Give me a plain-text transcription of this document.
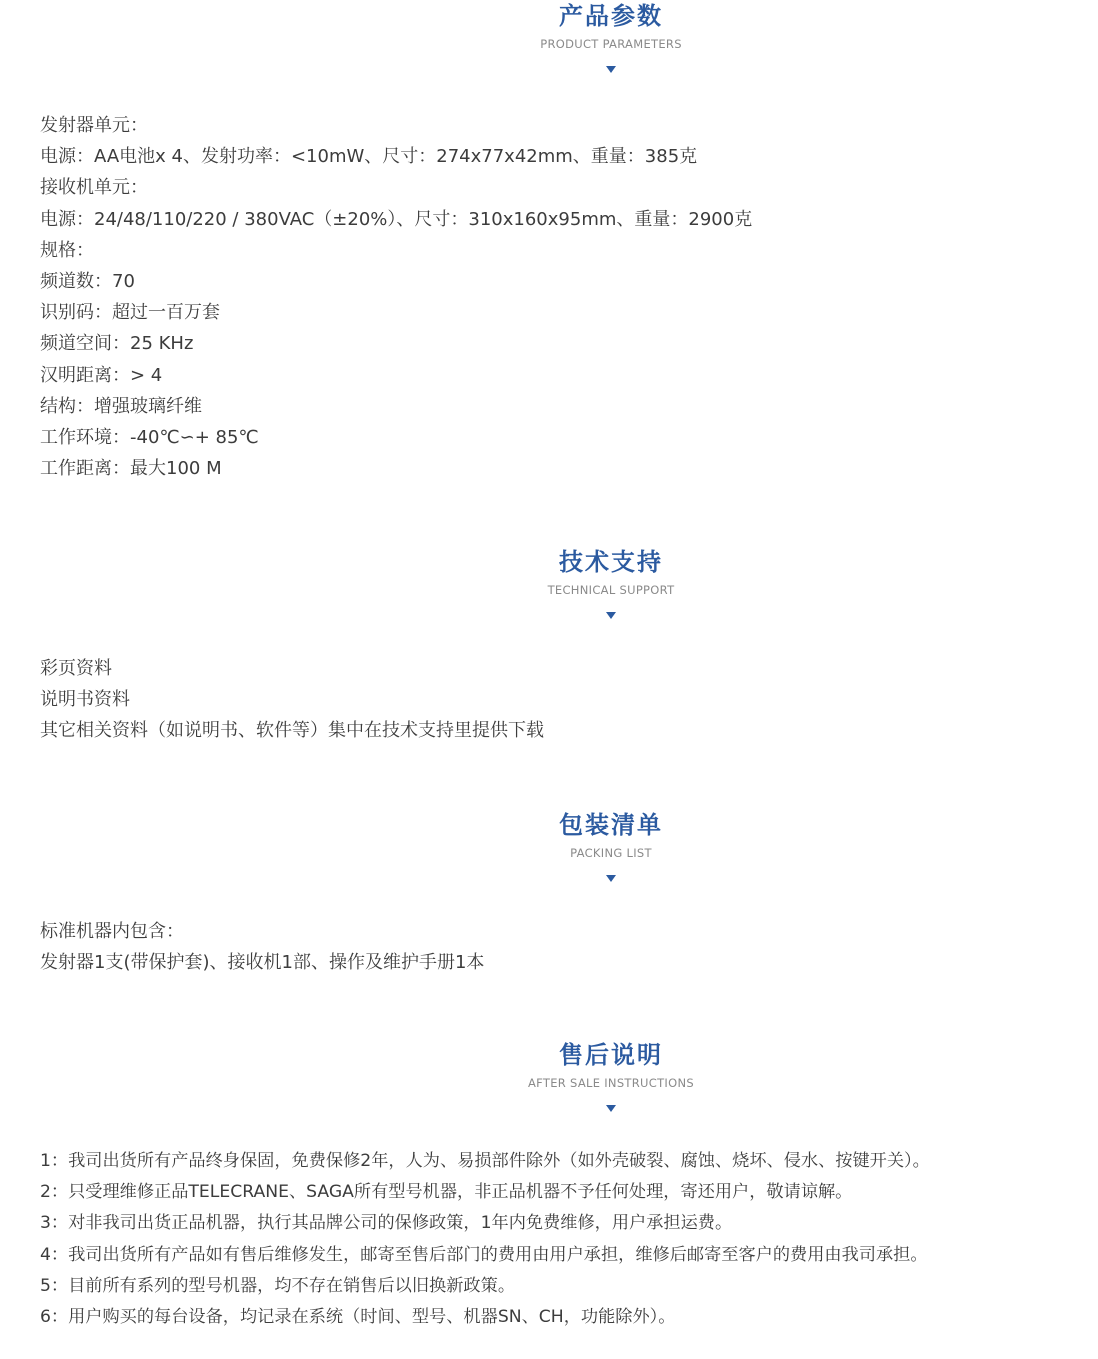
产品参数
PRODUCT PARAMETERS
发射器单元：
电源：AA电池x 4、发射功率：<10mW、尺寸：274x77x42mm、重量：385克
接收机单元：
电源：24/48/110/220 / 380VAC（±20%）、尺寸：310x160x95mm、重量：2900克
规格：
频道数：70
识别码：超过一百万套
频道空间：25 KHz
汉明距离：> 4
结构：增强玻璃纤维
工作环境：-40℃∽+ 85℃
工作距离：最大100 M
技术支持
TECHNICAL SUPPORT
彩页资料
说明书资料
其它相关资料（如说明书、软件等）集中在技术支持里提供下载
包装清单
PACKING LIST
标准机器内包含：
发射器1支(带保护套)、接收机1部、操作及维护手册1本
售后说明
AFTER SALE INSTRUCTIONS
1：我司出货所有产品终身保固，免费保修2年，人为、易损部件除外（如外壳破裂、腐蚀、烧坏、侵水、按键开关）。
2：只受理维修正品TELECRANE、SAGA所有型号机器，非正品机器不予任何处理，寄还用户，敬请谅解。
3：对非我司出货正品机器，执行其品牌公司的保修政策，1年内免费维修，用户承担运费。
4：我司出货所有产品如有售后维修发生，邮寄至售后部门的费用由用户承担，维修后邮寄至客户的费用由我司承担。
5：目前所有系列的型号机器，均不存在销售后以旧换新政策。
6：用户购买的每台设备，均记录在系统（时间、型号、机器SN、CH，功能除外）。
